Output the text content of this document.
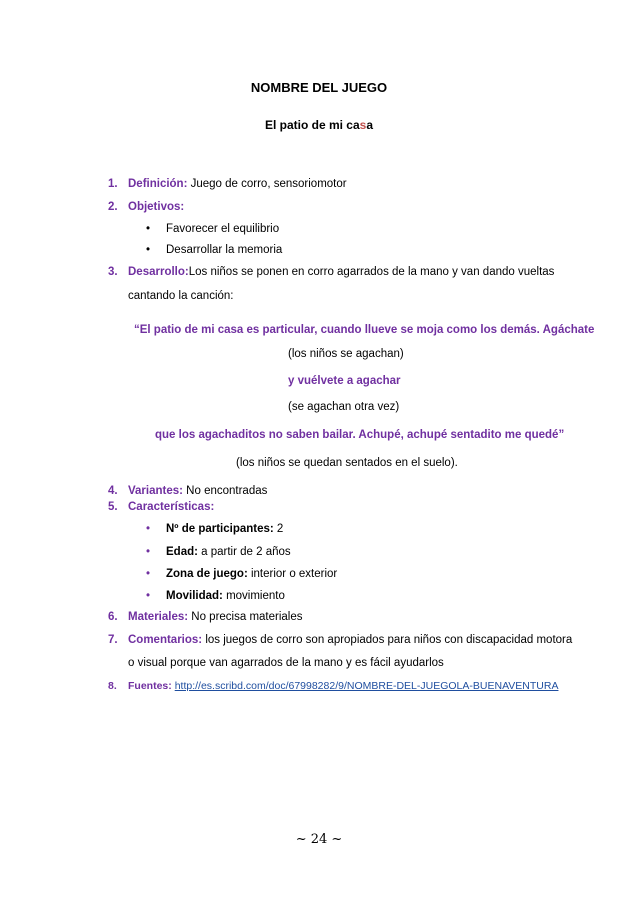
NOMBRE DEL JUEGO
El patio de mi casa
1. Definición: Juego de corro, sensoriomotor
2. Objetivos:
• Favorecer el equilibrio
• Desarrollar la memoria
3. Desarrollo:Los niños se ponen en corro agarrados de la mano y van dando vueltas
cantando la canción:
“El patio de mi casa es particular, cuando llueve se moja como los demás. Agáchate
(los niños se agachan)
y vuélvete a agachar
(se agachan otra vez)
que los agachaditos no saben bailar. Achupé, achupé sentadito me quedé”
(los niños se quedan sentados en el suelo).
4. Variantes: No encontradas
5. Características:
• Nº de participantes: 2
• Edad: a partir de 2 años
• Zona de juego: interior o exterior
• Movilidad: movimiento
6. Materiales: No precisa materiales
7. Comentarios: los juegos de corro son apropiados para niños con discapacidad motora
o visual porque van agarrados de la mano y es fácil ayudarlos
8. Fuentes: http://es.scribd.com/doc/67998282/9/NOMBRE-DEL-JUEGOLA-BUENAVENTURA
~ 24 ~
